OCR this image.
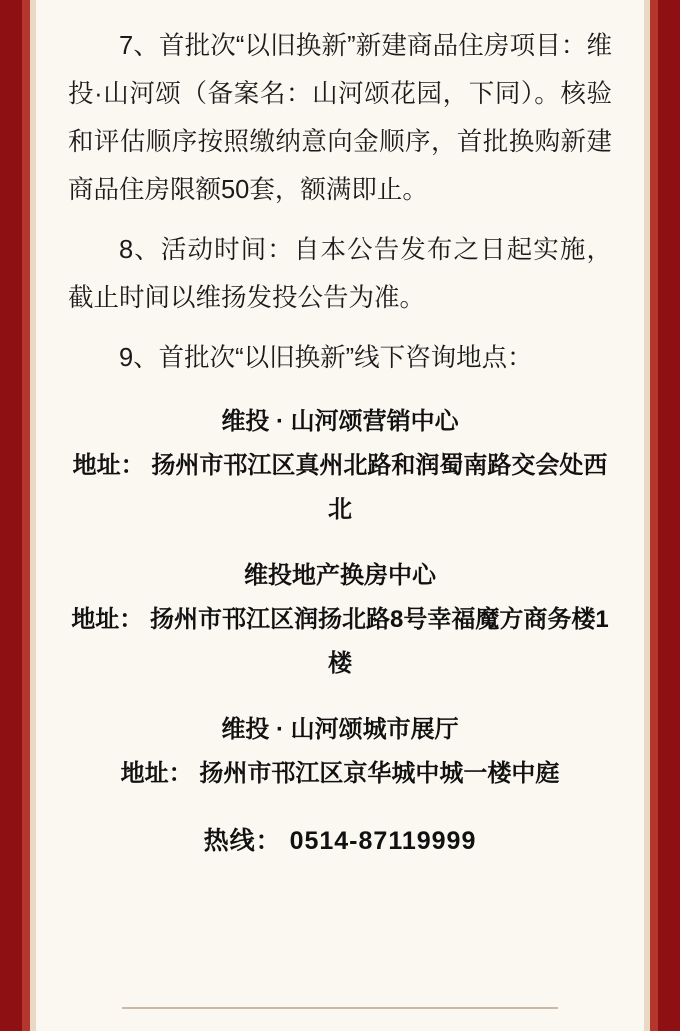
7、首批次“以旧换新”新建商品住房项目：维投·山河颂（备案名：山河颂花园，下同）。核验和评估顺序按照缴纳意向金顺序，首批换购新建商品住房限额50套，额满即止。

8、活动时间：自本公告发布之日起实施，截止时间以维扬发投公告为准。

9、首批次“以旧换新”线下咨询地点：

维投 · 山河颂营销中心
地址： 扬州市邗江区真州北路和润蜀南路交会处西北
维投地产换房中心
地址： 扬州市邗江区润扬北路8号幸福魔方商务楼1楼
维投 · 山河颂城市展厅
地址： 扬州市邗江区京华城中城一楼中庭
热线： 0514-87119999
